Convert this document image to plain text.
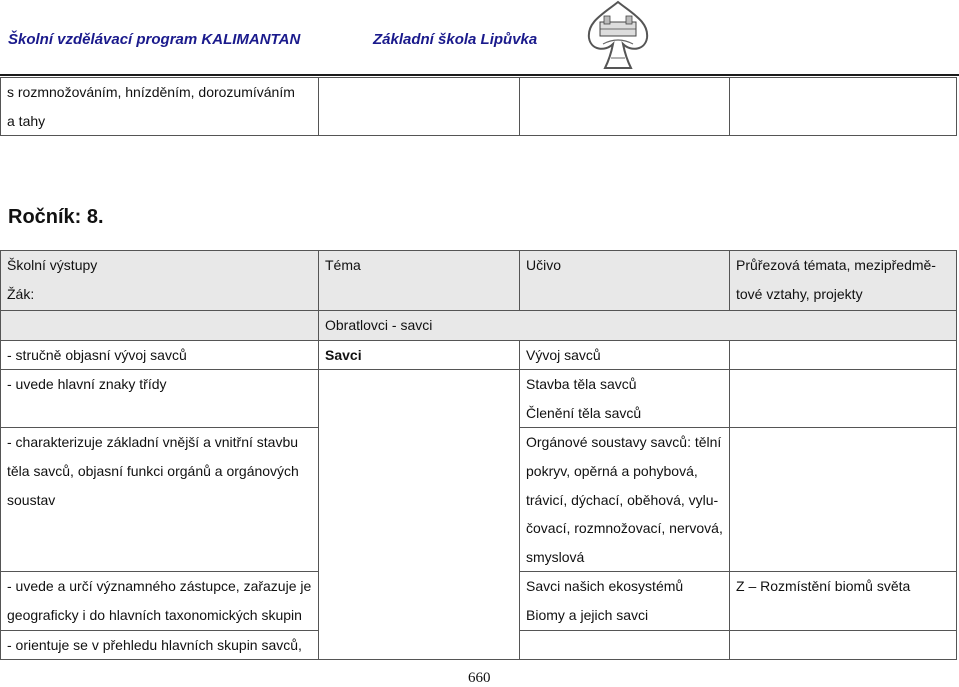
Školní vzdělávací program KALIMANTAN	Základní škola Lipůvka
s rozmnožováním, hnízděním, dorozumíváním
a tahy

Ročník: 8.
Školní výstupy
Žák:	Téma	Učivo	Průřezová témata, mezipředmě-
tové vztahy, projekty

	Obratlovci - savci		

- stručně objasní vývoj savců	Savci	Vývoj savců	

- uvede hlavní znaky třídy		Stavba těla savců
Členění těla savců	

- charakterizuje základní vnější a vnitřní stavbu
těla savců, objasní funkci orgánů a orgánových
soustav		Orgánové soustavy savců: tělní
pokryv, opěrná a pohybová,
trávicí, dýchací, oběhová, vylu-
čovací, rozmnožovací, nervová,
smyslová	

- uvede a určí významného zástupce, zařazuje je
geograficky i do hlavních taxonomických skupin		Savci našich ekosystémů
Biomy a jejich savci	Z – Rozmístění biomů světa

- orientuje se v přehledu hlavních skupin savců,			

660
